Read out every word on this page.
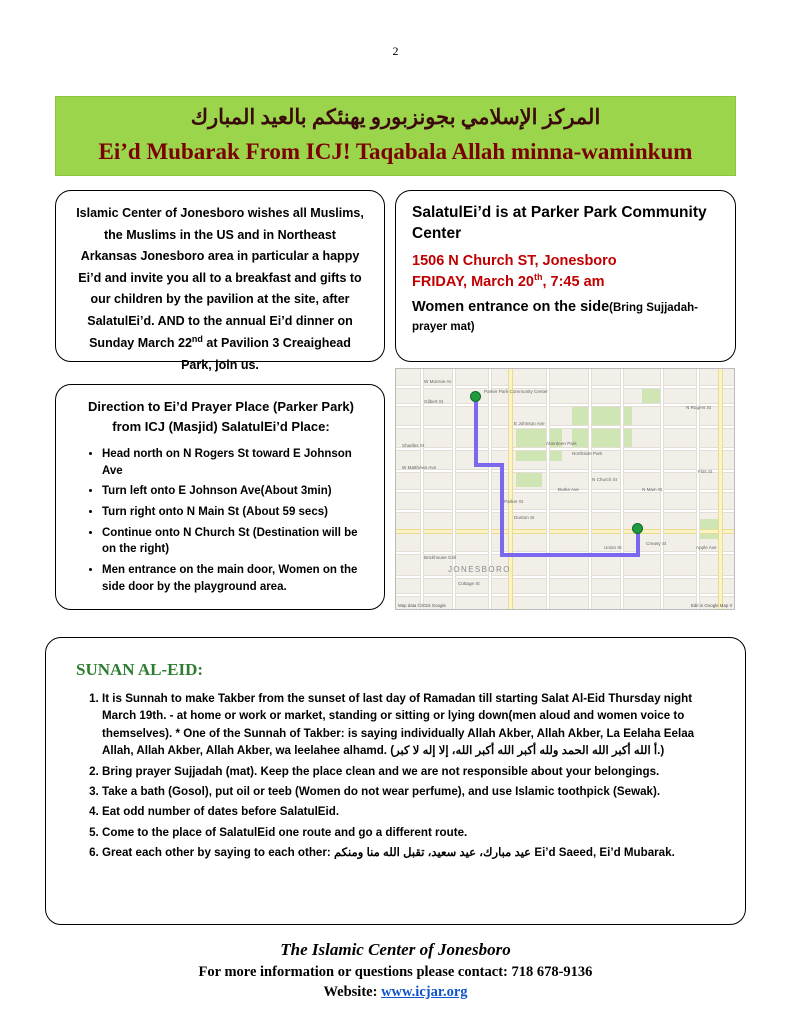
2
المركز الإسلامي بجونزبورو يهنئكم بالعيد المبارك
Ei’d Mubarak From ICJ! Taqabala Allah minna-waminkum

Islamic Center of Jonesboro wishes all Muslims, the Muslims in the US and in Northeast Arkansas Jonesboro area in particular a happy Ei’d and invite you all to a breakfast and gifts to our children by the pavilion at the site, after SalatulEi’d. AND to the annual Ei’d dinner on Sunday March 22nd at Pavilion 3 Creaighead Park, join us.

SalatulEi’d is at Parker Park Community Center
1506 N Church ST, Jonesboro
FRIDAY, March 20th, 7:45 am
Women entrance on the side(Bring Sujjadah- prayer mat)
Direction to Ei’d Prayer Place (Parker Park) from ICJ (Masjid) SalatulEi’d Place:
• Head north on N Rogers St toward E Johnson Ave
• Turn left onto E Johnson Ave(About 3min)
• Turn right onto N Main St (About 59 secs)
• Continue onto N Church St (Destination will be on the right)
• Men entrance on the main door, Women on the side door by the playground area.
Parker Park Community Center
JONESBORO
W Monroe Av
Gilbert St
E Johnson Ave
Shadles St
W Matthews Ave
Northside Park
Aberdeen Park
Parker St
N Main St
N Church St
Burke Ave
Dunton St
Union St
Creasy St
Apple Ave
Cottage St
Brickhouse Grill
N Rogers St
Flint St
Map data ©2015 Google	Edit in Google Map It
SUNAN AL-EID:
1. It is Sunnah to make Takber from the sunset of last day of Ramadan till starting Salat Al-Eid Thursday night March 19th. - at home or work or market, standing or sitting or lying down(men aloud and women voice to themselves). * One of the Sunnah of Takber: is saying individually Allah Akber, Allah Akber, La Eelaha Eelaa Allah, Allah Akber, Allah Akber, wa leelahee alhamd. (أ الله أكبر الله الحمد ولله أكبر الله أكبر الله، إلا إله لا كبر.)
2. Bring prayer Sujjadah (mat). Keep the place clean and we are not responsible about your belongings.
3. Take a bath (Gosol), put oil or teeb (Women do not wear perfume), and use Islamic toothpick (Sewak).
4. Eat odd number of dates before SalatulEid.
5. Come to the place of SalatulEid one route and go a different route.
6. Great each other by saying to each other: عيد مبارك، عيد سعيد، تقبل الله منا ومنكم Ei’d Saeed, Ei’d Mubarak.
The Islamic Center of Jonesboro
For more information or questions please contact: 718 678-9136
Website: www.icjar.org
